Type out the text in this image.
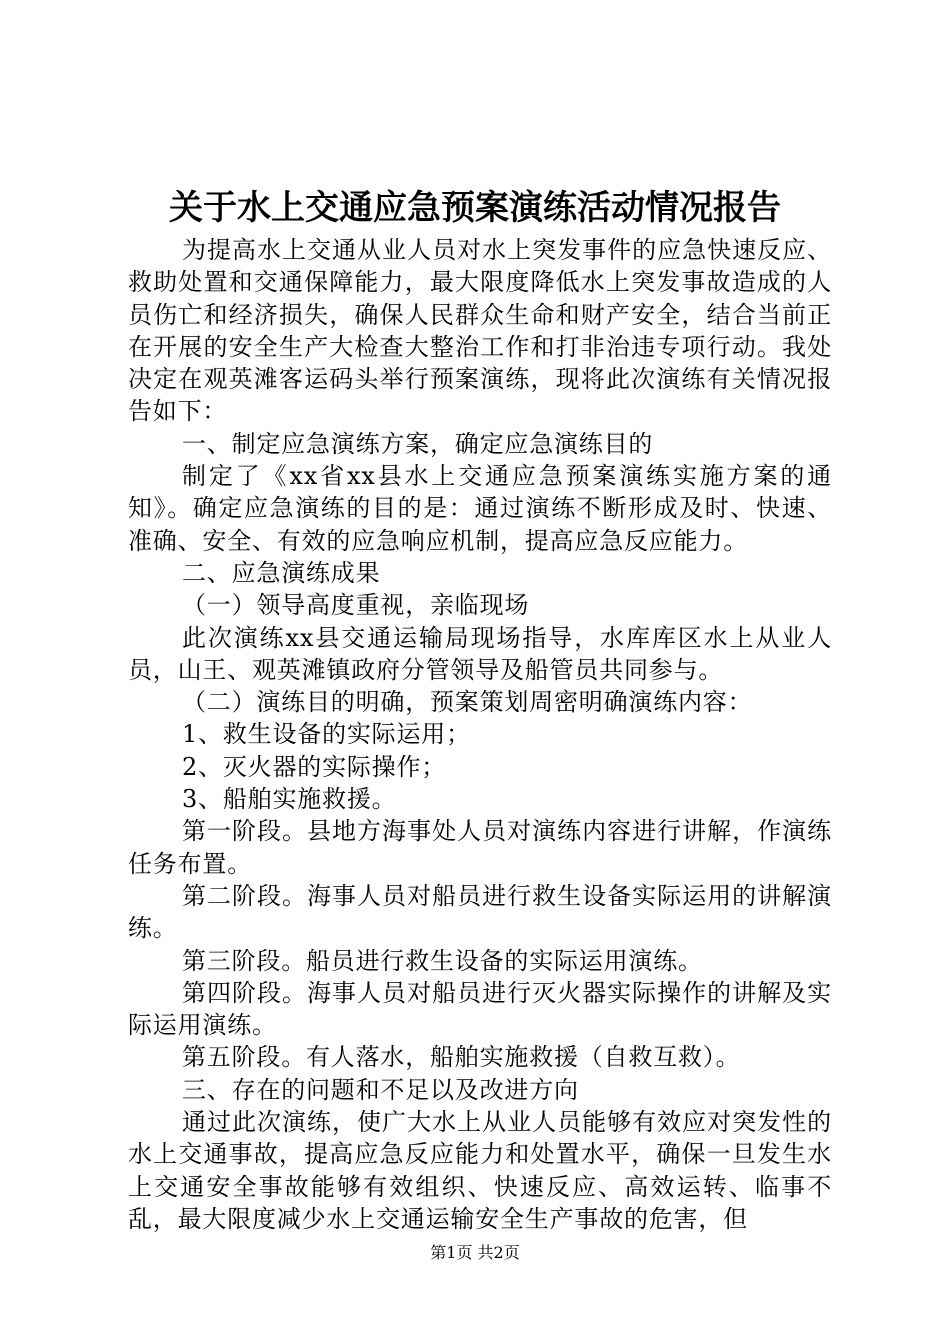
关于水上交通应急预案演练活动情况报告

为提高水上交通从业人员对水上突发事件的应急快速反应、救助处置和交通保障能力，最大限度降低水上突发事故造成的人员伤亡和经济损失，确保人民群众生命和财产安全，结合当前正在开展的安全生产大检查大整治工作和打非治违专项行动。我处决定在观英滩客运码头举行预案演练，现将此次演练有关情况报告如下：

一、制定应急演练方案，确定应急演练目的

制定了《xx省xx县水上交通应急预案演练实施方案的通知》。确定应急演练的目的是：通过演练不断形成及时、快速、准确、安全、有效的应急响应机制，提高应急反应能力。

二、应急演练成果

（一）领导高度重视，亲临现场

此次演练xx县交通运输局现场指导，水库库区水上从业人员，山王、观英滩镇政府分管领导及船管员共同参与。

（二）演练目的明确，预案策划周密明确演练内容：

1、救生设备的实际运用；

2、灭火器的实际操作；

3、船舶实施救援。

第一阶段。县地方海事处人员对演练内容进行讲解，作演练任务布置。

第二阶段。海事人员对船员进行救生设备实际运用的讲解演练。

第三阶段。船员进行救生设备的实际运用演练。

第四阶段。海事人员对船员进行灭火器实际操作的讲解及实际运用演练。

第五阶段。有人落水，船舶实施救援（自救互救）。

三、存在的问题和不足以及改进方向

通过此次演练，使广大水上从业人员能够有效应对突发性的水上交通事故，提高应急反应能力和处置水平，确保一旦发生水上交通安全事故能够有效组织、快速反应、高效运转、临事不乱，最大限度减少水上交通运输安全生产事故的危害，但

第1页 共2页
